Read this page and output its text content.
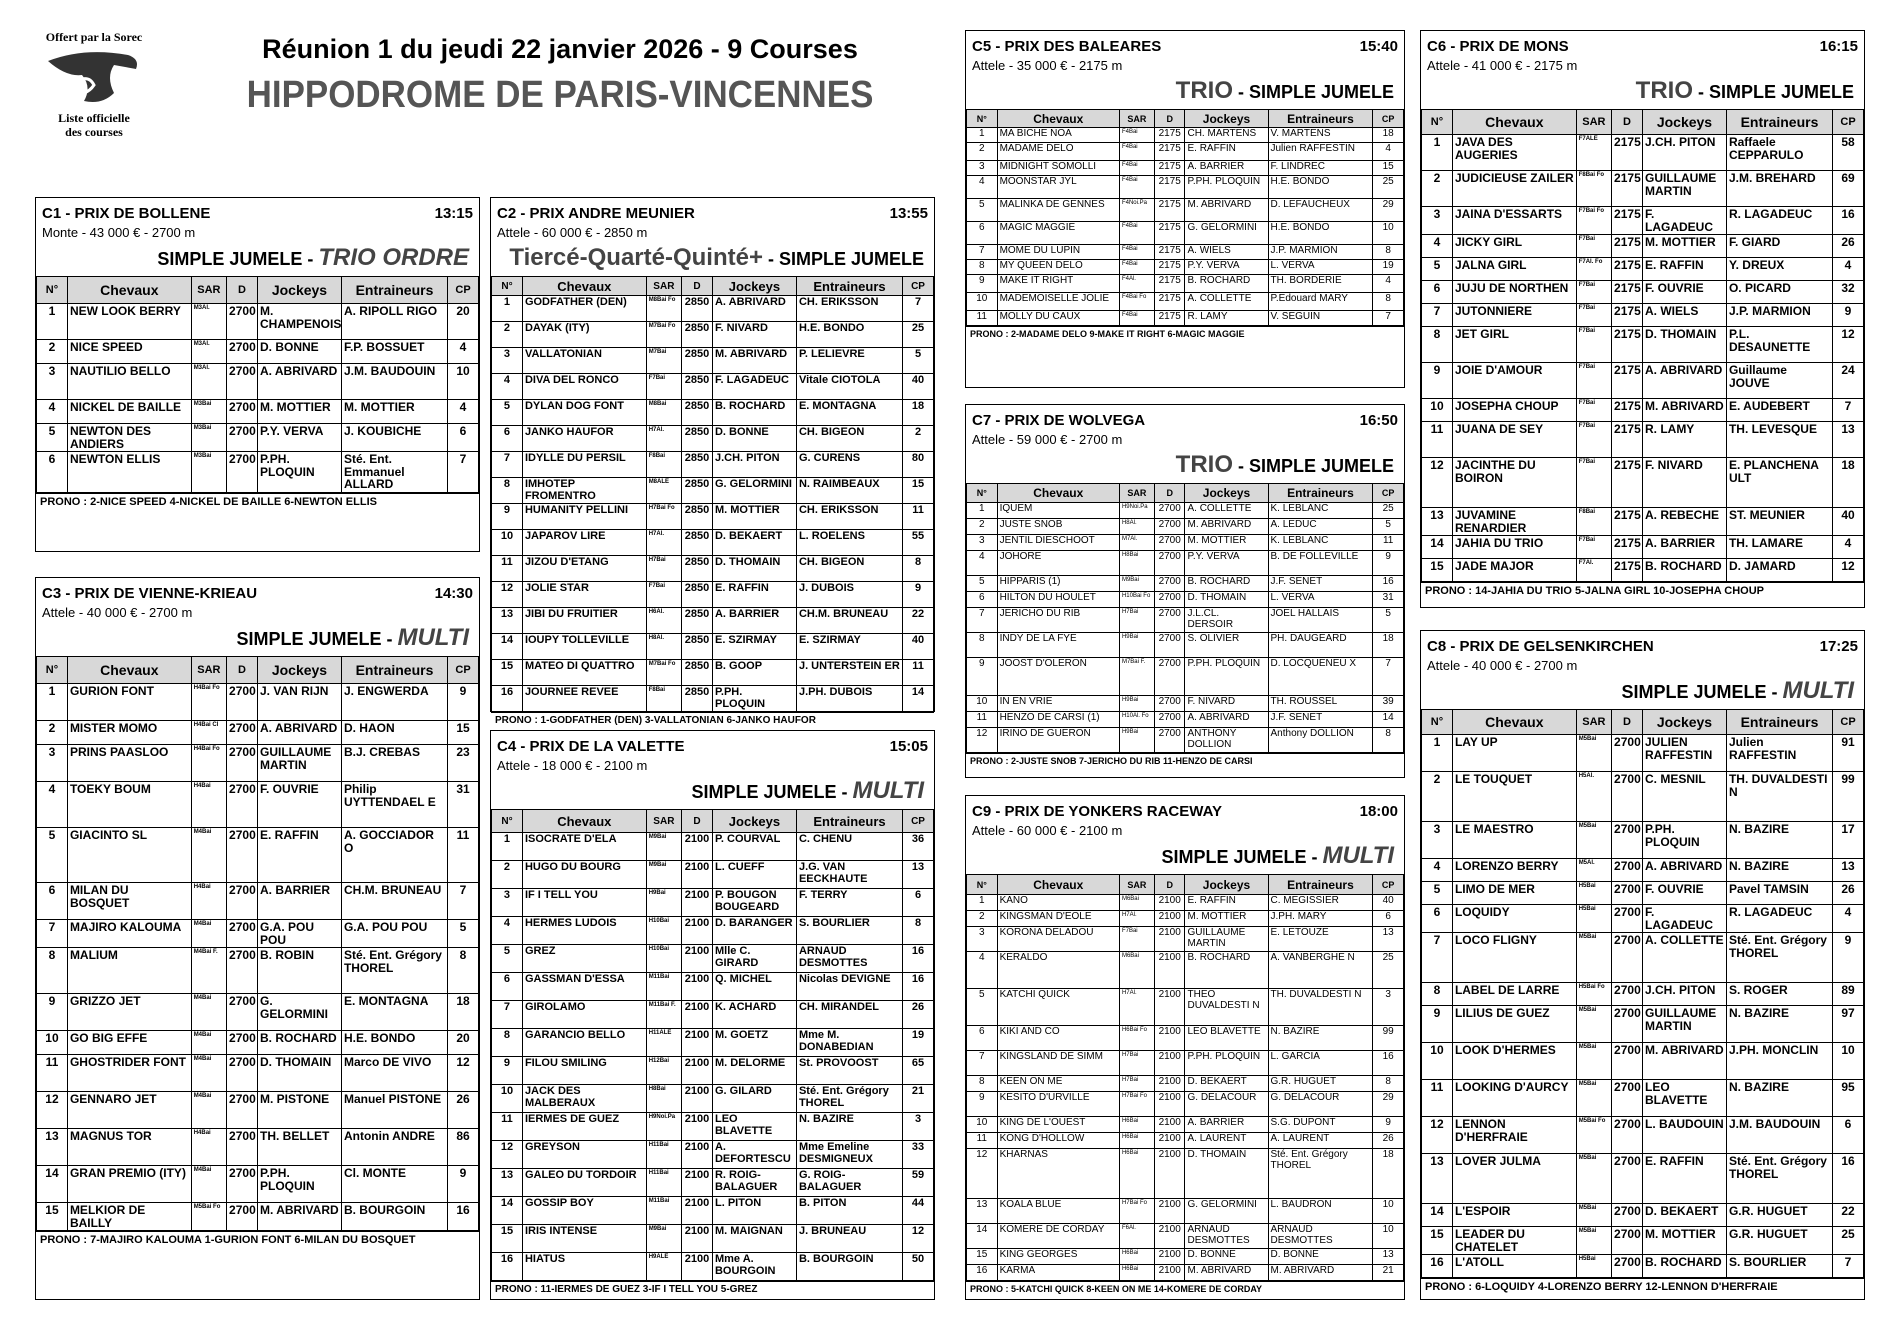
Offert par la Sorec
Liste officielle
des courses
Réunion 1 du jeudi 22 janvier 2026 - 9 Courses
HIPPODROME DE PARIS-VINCENNES
C1 - PRIX DE BOLLENE	13:15
Monte - 43 000 € - 2700 m
SIMPLE JUMELE - TRIO ORDRE
N°	Chevaux	SAR	D	Jockeys	Entraineurs	CP
1	NEW LOOK BERRY	M3Al.	2700	M. CHAMPENOIS	A. RIPOLL RIGO	20
2	NICE SPEED	M3Al.	2700	D. BONNE	F.P. BOSSUET	4
3	NAUTILIO BELLO	M3Al.	2700	A. ABRIVARD	J.M. BAUDOUIN	10
4	NICKEL DE BAILLE	M3Bai	2700	M. MOTTIER	M. MOTTIER	4
5	NEWTON DES ANDIERS	M3Bai	2700	P.Y. VERVA	J. KOUBICHE	6
6	NEWTON ELLIS	M3Bai	2700	P.PH. PLOQUIN	Sté. Ent. Emmanuel ALLARD	7
PRONO : 2-NICE SPEED 4-NICKEL DE BAILLE 6-NEWTON ELLIS
C2 - PRIX ANDRE MEUNIER	13:55
Attele - 60 000 € - 2850 m
Tiercé-Quarté-Quinté+ - SIMPLE JUMELE
N°	Chevaux	SAR	D	Jockeys	Entraineurs	CP
1	GODFATHER (DEN)	M8Bai Fo	2850	A. ABRIVARD	CH. ERIKSSON	7
2	DAYAK (ITY)	M7Bai Fo	2850	F. NIVARD	H.E. BONDO	25
3	VALLATONIAN	M7Bai	2850	M. ABRIVARD	P. LELIEVRE	5
4	DIVA DEL RONCO	F7Bai	2850	F. LAGADEUC	Vitale CIOTOLA	40
5	DYLAN DOG FONT	M8Bai	2850	B. ROCHARD	E. MONTAGNA	18
6	JANKO HAUFOR	H7Al.	2850	D. BONNE	CH. BIGEON	2
7	IDYLLE DU PERSIL	F8Bai	2850	J.CH. PITON	G. CURENS	80
8	IMHOTEP FROMENTRO	M8ALE	2850	G. GELORMINI	N. RAIMBEAUX	15
9	HUMANITY PELLINI	H7Bai Fo	2850	M. MOTTIER	CH. ERIKSSON	11
10	JAPAROV LIRE	H7Al.	2850	D. BEKAERT	L. ROELENS	55
11	JIZOU D'ETANG	H7Bai	2850	D. THOMAIN	CH. BIGEON	8
12	JOLIE STAR	F7Bai	2850	E. RAFFIN	J. DUBOIS	9
13	JIBI DU FRUITIER	H6Al.	2850	A. BARRIER	CH.M. BRUNEAU	22
14	IOUPY TOLLEVILLE	H8Al.	2850	E. SZIRMAY	E. SZIRMAY	40
15	MATEO DI QUATTRO	M7Bai Fo	2850	B. GOOP	J. UNTERSTEIN ER	11
16	JOURNEE REVEE	F8Bai	2850	P.PH. PLOQUIN	J.PH. DUBOIS	14
PRONO : 1-GODFATHER (DEN) 3-VALLATONIAN 6-JANKO HAUFOR
C3 - PRIX DE VIENNE-KRIEAU	14:30
Attele - 40 000 € - 2700 m
SIMPLE JUMELE - MULTI
N°	Chevaux	SAR	D	Jockeys	Entraineurs	CP
1	GURION FONT	H4Bai Fo	2700	J. VAN RIJN	J. ENGWERDA	9
2	MISTER MOMO	H4Bai Cl	2700	A. ABRIVARD	D. HAON	15
3	PRINS PAASLOO	H4Bai Fo	2700	GUILLAUME MARTIN	B.J. CREBAS	23
4	TOEKY BOUM	H4Bai	2700	F. OUVRIE	Philip UYTTENDAEL E	31
5	GIACINTO SL	M4Bai	2700	E. RAFFIN	A. GOCCIADOR O	11
6	MILAN DU BOSQUET	H4Bai	2700	A. BARRIER	CH.M. BRUNEAU	7
7	MAJIRO KALOUMA	M4Bai	2700	G.A. POU POU	G.A. POU POU	5
8	MALIUM	M4Bai F.	2700	B. ROBIN	Sté. Ent. Grégory THOREL	8
9	GRIZZO JET	M4Bai	2700	G. GELORMINI	E. MONTAGNA	18
10	GO BIG EFFE	M4Bai	2700	B. ROCHARD	H.E. BONDO	20
11	GHOSTRIDER FONT	M4Bai	2700	D. THOMAIN	Marco DE VIVO	12
12	GENNARO JET	M4Bai	2700	M. PISTONE	Manuel PISTONE	26
13	MAGNUS TOR	H4Bai	2700	TH. BELLET	Antonin ANDRE	86
14	GRAN PREMIO (ITY)	M4Bai	2700	P.PH. PLOQUIN	Cl. MONTE	9
15	MELKIOR DE BAILLY	M5Bai Fo	2700	M. ABRIVARD	B. BOURGOIN	16
PRONO : 7-MAJIRO KALOUMA 1-GURION FONT 6-MILAN DU BOSQUET
C4 - PRIX DE LA VALETTE	15:05
Attele - 18 000 € - 2100 m
SIMPLE JUMELE - MULTI
N°	Chevaux	SAR	D	Jockeys	Entraineurs	CP
1	ISOCRATE D'ELA	M9Bai	2100	P. COURVAL	C. CHENU	36
2	HUGO DU BOURG	M9Bai	2100	L. CUEFF	J.G. VAN EECKHAUTE	13
3	IF I TELL YOU	H9Bai	2100	P. BOUGON BOUGEARD	F. TERRY	6
4	HERMES LUDOIS	H10Bai	2100	D. BARANGER	S. BOURLIER	8
5	GREZ	H10Bai	2100	Mlle C. GIRARD	ARNAUD DESMOTTES	16
6	GASSMAN D'ESSA	M11Bai	2100	Q. MICHEL	Nicolas DEVIGNE	16
7	GIROLAMO	M11Bai F.	2100	K. ACHARD	CH. MIRANDEL	26
8	GARANCIO BELLO	H11ALE	2100	M. GOETZ	Mme M. DONABEDIAN	19
9	FILOU SMILING	H12Bai	2100	M. DELORME	St. PROVOOST	65
10	JACK DES MALBERAUX	H8Bai	2100	G. GILARD	Sté. Ent. Grégory THOREL	21
11	IERMES DE GUEZ	H9Noi.Pa	2100	LEO BLAVETTE	N. BAZIRE	3
12	GREYSON	H11Bai	2100	A. DEFORTESCU	Mme Emeline DESMIGNEUX	33
13	GALEO DU TORDOIR	H11Bai	2100	R. ROIG-BALAGUER	G. ROIG-BALAGUER	59
14	GOSSIP BOY	M11Bai	2100	L. PITON	B. PITON	44
15	IRIS INTENSE	M9Bai	2100	M. MAIGNAN	J. BRUNEAU	12
16	HIATUS	H9ALE	2100	Mme A. BOURGOIN	B. BOURGOIN	50
PRONO : 11-IERMES DE GUEZ 3-IF I TELL YOU 5-GREZ
C5 - PRIX DES BALEARES	15:40
Attele - 35 000 € - 2175 m
TRIO - SIMPLE JUMELE
N°	Chevaux	SAR	D	Jockeys	Entraineurs	CP
1	MA BICHE NOA	F4Bai	2175	CH. MARTENS	V. MARTENS	18
2	MADAME DELO	F4Bai	2175	E. RAFFIN	Julien RAFFESTIN	4
3	MIDNIGHT SOMOLLI	F4Bai	2175	A. BARRIER	F. LINDREC	15
4	MOONSTAR JYL	F4Bai	2175	P.PH. PLOQUIN	H.E. BONDO	25
5	MALINKA DE GENNES	F4Noi.Pa	2175	M. ABRIVARD	D. LEFAUCHEUX	29
6	MAGIC MAGGIE	F4Bai	2175	G. GELORMINI	H.E. BONDO	10
7	MOME DU LUPIN	F4Bai	2175	A. WIELS	J.P. MARMION	8
8	MY QUEEN DELO	F4Bai	2175	P.Y. VERVA	L. VERVA	19
9	MAKE IT RIGHT	F4Al.	2175	B. ROCHARD	TH. BORDERIE	4
10	MADEMOISELLE JOLIE	F4Bai Fo	2175	A. COLLETTE	P.Edouard MARY	8
11	MOLLY DU CAUX	F4Bai	2175	R. LAMY	V. SEGUIN	7
PRONO : 2-MADAME DELO 9-MAKE IT RIGHT 6-MAGIC MAGGIE
C6 - PRIX DE MONS	16:15
Attele - 41 000 € - 2175 m
TRIO - SIMPLE JUMELE
N°	Chevaux	SAR	D	Jockeys	Entraineurs	CP
1	JAVA DES AUGERIES	F7ALE	2175	J.CH. PITON	Raffaele CEPPARULO	58
2	JUDICIEUSE ZAILER	F8Bai Fo	2175	GUILLAUME MARTIN	J.M. BREHARD	69
3	JAINA D'ESSARTS	F7Bai Fo	2175	F. LAGADEUC	R. LAGADEUC	16
4	JICKY GIRL	F7Bai	2175	M. MOTTIER	F. GIARD	26
5	JALNA GIRL	F7Al. Fo	2175	E. RAFFIN	Y. DREUX	4
6	JUJU DE NORTHEN	F7Bai	2175	F. OUVRIE	O. PICARD	32
7	JUTONNIERE	F7Bai	2175	A. WIELS	J.P. MARMION	9
8	JET GIRL	F7Bai	2175	D. THOMAIN	P.L. DESAUNETTE	12
9	JOIE D'AMOUR	F7Bai	2175	A. ABRIVARD	Guillaume JOUVE	24
10	JOSEPHA CHOUP	F7Bai	2175	M. ABRIVARD	E. AUDEBERT	7
11	JUANA DE SEY	F7Bai	2175	R. LAMY	TH. LEVESQUE	13
12	JACINTHE DU BOIRON	F7Bai	2175	F. NIVARD	E. PLANCHENA ULT	18
13	JUVAMINE RENARDIER	F8Bai	2175	A. REBECHE	ST. MEUNIER	40
14	JAHIA DU TRIO	F7Bai	2175	A. BARRIER	TH. LAMARE	4
15	JADE MAJOR	F7Al.	2175	B. ROCHARD	D. JAMARD	12
PRONO : 14-JAHIA DU TRIO 5-JALNA GIRL 10-JOSEPHA CHOUP
C7 - PRIX DE WOLVEGA	16:50
Attele - 59 000 € - 2700 m
TRIO - SIMPLE JUMELE
N°	Chevaux	SAR	D	Jockeys	Entraineurs	CP
1	IQUEM	H9Noi.Pa	2700	A. COLLETTE	K. LEBLANC	25
2	JUSTE SNOB	H8Al.	2700	M. ABRIVARD	A. LEDUC	5
3	JENTIL DIESCHOOT	M7Al.	2700	M. MOTTIER	K. LEBLANC	11
4	JOHORE	H8Bai	2700	P.Y. VERVA	B. DE FOLLEVILLE	9
5	HIPPARIS (1)	M9Bai	2700	B. ROCHARD	J.F. SENET	16
6	HILTON DU HOULET	H10Bai Fo	2700	D. THOMAIN	L. VERVA	31
7	JERICHO DU RIB	H7Bai	2700	J.L.CL. DERSOIR	JOEL HALLAIS	5
8	INDY DE LA FYE	H9Bai	2700	S. OLIVIER	PH. DAUGEARD	18
9	JOOST D'OLERON	M7Bai F.	2700	P.PH. PLOQUIN	D. LOCQUENEU X	7
10	IN EN VRIE	H9Bai	2700	F. NIVARD	TH. ROUSSEL	39
11	HENZO DE CARSI (1)	H10Al. Fo	2700	A. ABRIVARD	J.F. SENET	14
12	IRINO DE GUERON	H9Bai	2700	ANTHONY DOLLION	Anthony DOLLION	8
PRONO : 2-JUSTE SNOB 7-JERICHO DU RIB 11-HENZO DE CARSI
C8 - PRIX DE GELSENKIRCHEN	17:25
Attele - 40 000 € - 2700 m
SIMPLE JUMELE - MULTI
N°	Chevaux	SAR	D	Jockeys	Entraineurs	CP
1	LAY UP	M5Bai	2700	JULIEN RAFFESTIN	Julien RAFFESTIN	91
2	LE TOUQUET	H5Al.	2700	C. MESNIL	TH. DUVALDESTI N	99
3	LE MAESTRO	M5Bai	2700	P.PH. PLOQUIN	N. BAZIRE	17
4	LORENZO BERRY	M5Al.	2700	A. ABRIVARD	N. BAZIRE	13
5	LIMO DE MER	H5Bai	2700	F. OUVRIE	Pavel TAMSIN	26
6	LOQUIDY	H5Bai	2700	F. LAGADEUC	R. LAGADEUC	4
7	LOCO FLIGNY	M5Bai	2700	A. COLLETTE	Sté. Ent. Grégory THOREL	9
8	LABEL DE LARRE	H5Bai Fo	2700	J.CH. PITON	S. ROGER	89
9	LILIUS DE GUEZ	M5Bai	2700	GUILLAUME MARTIN	N. BAZIRE	97
10	LOOK D'HERMES	M5Bai	2700	M. ABRIVARD	J.PH. MONCLIN	10
11	LOOKING D'AURCY	M5Bai	2700	LEO BLAVETTE	N. BAZIRE	95
12	LENNON D'HERFRAIE	M5Bai Fo	2700	L. BAUDOUIN	J.M. BAUDOUIN	6
13	LOVER JULMA	M5Bai	2700	E. RAFFIN	Sté. Ent. Grégory THOREL	16
14	L'ESPOIR	M5Bai	2700	D. BEKAERT	G.R. HUGUET	22
15	LEADER DU CHATELET	M5Bai	2700	M. MOTTIER	G.R. HUGUET	25
16	L'ATOLL	H5Bai	2700	B. ROCHARD	S. BOURLIER	7
PRONO : 6-LOQUIDY 4-LORENZO BERRY 12-LENNON D'HERFRAIE
C9 - PRIX DE YONKERS RACEWAY	18:00
Attele - 60 000 € - 2100 m
SIMPLE JUMELE - MULTI
N°	Chevaux	SAR	D	Jockeys	Entraineurs	CP
1	KANO	M6Bai	2100	E. RAFFIN	C. MEGISSIER	40
2	KINGSMAN D'EOLE	H7Al.	2100	M. MOTTIER	J.PH. MARY	6
3	KORONA DELADOU	F7Bai	2100	GUILLAUME MARTIN	E. LETOUZE	13
4	KERALDO	M6Bai	2100	B. ROCHARD	A. VANBERGHE N	25
5	KATCHI QUICK	H7Al.	2100	THEO DUVALDESTI N	TH. DUVALDESTI N	3
6	KIKI AND CO	H6Bai Fo	2100	LEO BLAVETTE	N. BAZIRE	99
7	KINGSLAND DE SIMM	H7Bai	2100	P.PH. PLOQUIN	L. GARCIA	16
8	KEEN ON ME	H7Bai	2100	D. BEKAERT	G.R. HUGUET	8
9	KESITO D'URVILLE	H7Bai Fo	2100	G. DELACOUR	G. DELACOUR	29
10	KING DE L'OUEST	H6Bai	2100	A. BARRIER	S.G. DUPONT	9
11	KONG D'HOLLOW	H6Bai	2100	A. LAURENT	A. LAURENT	26
12	KHARNAS	H6Bai	2100	D. THOMAIN	Sté. Ent. Grégory THOREL	18
13	KOALA BLUE	H7Bai Fo	2100	G. GELORMINI	L. BAUDRON	10
14	KOMERE DE CORDAY	F6Al.	2100	ARNAUD DESMOTTES	ARNAUD DESMOTTES	10
15	KING GEORGES	H6Bai	2100	D. BONNE	D. BONNE	13
16	KARMA	H6Bai	2100	M. ABRIVARD	M. ABRIVARD	21
PRONO : 5-KATCHI QUICK 8-KEEN ON ME 14-KOMERE DE CORDAY
